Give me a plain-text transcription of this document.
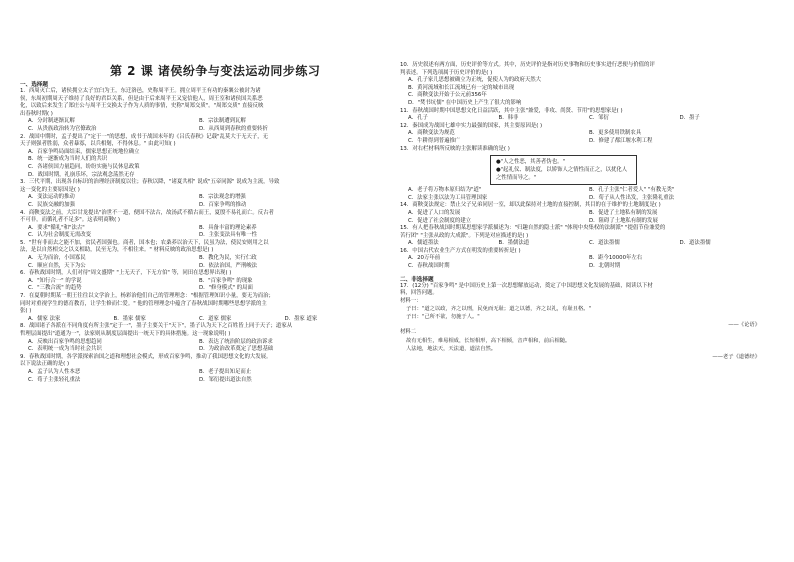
第 2 课 诸侯纷争与变法运动同步练习
一、选择题
1．西周灭亡后，诸侯拥立太子宜臼为王，东迁洛邑，史称周平王。拥立周平王有功的秦襄公被封为诸
侯，东周初期周天子维持了良好的君臣关系，但是由于后来周平王又宠信他人，周王室和诸侯国关系恶
化，以致后来发生了郑庄公与周平王交换太子作为人质的事情，史称"周郑交质"。"周郑交质" 直接反映
出春秋时期( )
A．分封制逐渐瓦解	B．宗法制遭到瓦解
C．从贵族政治转为官僚政治	D．从西周到春秋的重要转折
2．战国中期时，孟子提出了"定于一"的思想，成书于战国末年的《吕氏春秋》记载"乱莫大于无天子，无
天子则强者胜弱，众者暴寡，以兵相刬，不得休息。" 由此可知( )
A．百家争鸣局面结束，儒家思想正统地位确立
B．统一逐渐成为当时人们的共识
C．各诸侯国力量趋同，纷纷实施与民休息政策
D．战国时期，礼崩乐坏，宗法观念荡然无存
3．三代平期，出现各自标识的治理经济制度以往；春秋以降，"诸夏共相" 说成"五帝同源" 说成为主流，导致
这一变化的主要原因是( )
A．变法运动的推动	B．宗法观念的增强
C．民族交融的加强	D．百家争鸣的推动
4．商鞅变法之前，大臣甘龙提出"治世不一道，便国不法古，故汤武不循古而王，夏殷不易礼而亡。反古者
不可非，而循礼者不足多"。这表明商鞅( )
A．要求"循礼"和"法古"	B．具备丰富的理论素养
C．认为社会制度无需改变	D．主张变法具有唯一性
5．"世有非而去之能不加，贫民者国强也。商者，国本也；农桑养以治天下，民虽为法，使民安则用之以
法，是以自然相交之以义相助，民至无为，不相往来。" 材料反映的政治思想是( )
A．无为而治，小国寡民	B．教化为民，实行仁政
C．顺应自然，天下为公	D．依法治国，严刑峻法
6．春秋战国时期，人们对待"周文盛期" "上无天子，下无方伯" 等，同田在思想界出现( )
A．"知行合一" 的学说	B．"百家争鸣" 的现象
C．"三教合流" 的趋势	D．"修身模式" 的局面
7．在夏朝时期某一朝王往往以文学治上，杨彩治他们自己的管理理念："根据管理知识小量，要无为而治；
同时对重视学生的德育教育，让学生修而仁爱。" 他的管理理念中蕴含了春秋战国时期哪些思想学派的主
张( )
A．儒家 法家	B．墨家 儒家	C．道家 儒家	D．墨家 道家
8．战国诸子各派在不同角度有所主张"定于一"，墨子主要关于"天下"，墨子认为天下之百姓皆上同于天子；道家从
哲理层面提出"道通为一"，法家则从制度层面提出一统天下的具体措施。这一现象说明( )
A．反映出百家争鸣的思想趋同	B．表达了统治阶层的政治诉求
C．表明统一成为当时社会共识	D．为政治改革奠定了思想基础
9．春秋战国时期，各学派探索治国之道和理想社会模式，形成百家争鸣，推动了我国思想文化的大发展。
以下说法正确的是( )
A．孟子认为人性本恶	B．老子提出知足而止
C．荀子主张轻礼重法	D．邹衍提出道法自然
10．历史叙述有两方面，历史评价等方式。其中，历史评价是指对历史事物和历史事实进行恶便与价值的评
判表述。下列选项属于历史评价的是( )
A．孔子家儿思想被确立为正统，促使人为的政府天然大
B．黄河流域和长江流域已有一定的城市出现
C．商鞅变法开始于公元前356年
D．"焚书坑儒" 在中国历史上产生了很大的影响
11．春秋战国时期中国思想文化日益活跃，其中主张"兼爱，非攻、尚贤、节用"的思想家是( )
A．孔子	B．韩非	C．邹衍	D．墨子
12．秦国成为战国七雄中实力最强的国家，其主要原因是( )
A．商鞅变法为规范	B．更多使用铁制农具
C．牛耕得到普遍推广	D．修建了都江堰水利工程
13．对右栏材料所反映的主张解读准确的是( )
●"人之性恶，其善者伪也。"
●"起礼仪、制法度，以矫饰人之情性而正之，以扰化人之性情而导之。"
A．老子将万物本原归结为"道"	B．孔子主张"仁者爱人" "有教无类"
C．法家主张以法为工具管理国家	D．荀子从人性出发，主张隆礼重法
14．商鞅变法规定：禁止父子兄弟同居一室，却以此保持对土地的直接控制，其目的在于维护的土地制度是( )
A．促进了人口的发展	B．促进了土地私有制的发展
C．促进了社会制度的建立	D．阻碍了土地私有制的发展
15．有人把春秋战国时期某思想家学派描述为："归趣自然的隐士派" "体现中央集权的法制派" "提倡节俭兼爱的
苦行团" "主张从政的大成派"。下列是对应描述的是( )
A．儒道墨法	B．墨儒法道	C．道法墨儒	D．道法墨儒
16．中国古代农业生产方式在明发的重要转折是( )
A．20万年前	B．距今10000年左右
C．春秋战国时期	D．北朝时期
二、非选择题
17．(12分) "百家争鸣" 是中国历史上第一次思想解放运动，奠定了中国思想文化发展的基础，阅读以下材
料，回答问题。
材料一：
子曰："道之以政，齐之以刑，民免而无耻；道之以德，齐之以礼，有耻且格。"
子曰："己所不欲，勿施于人。"
——《论语》
材料二
故有无相生，难易相成，长短相形，高下相倾，音声相和，前后相随。
人法地，地法天，天法道，道法自然。
——老子《道德经》
